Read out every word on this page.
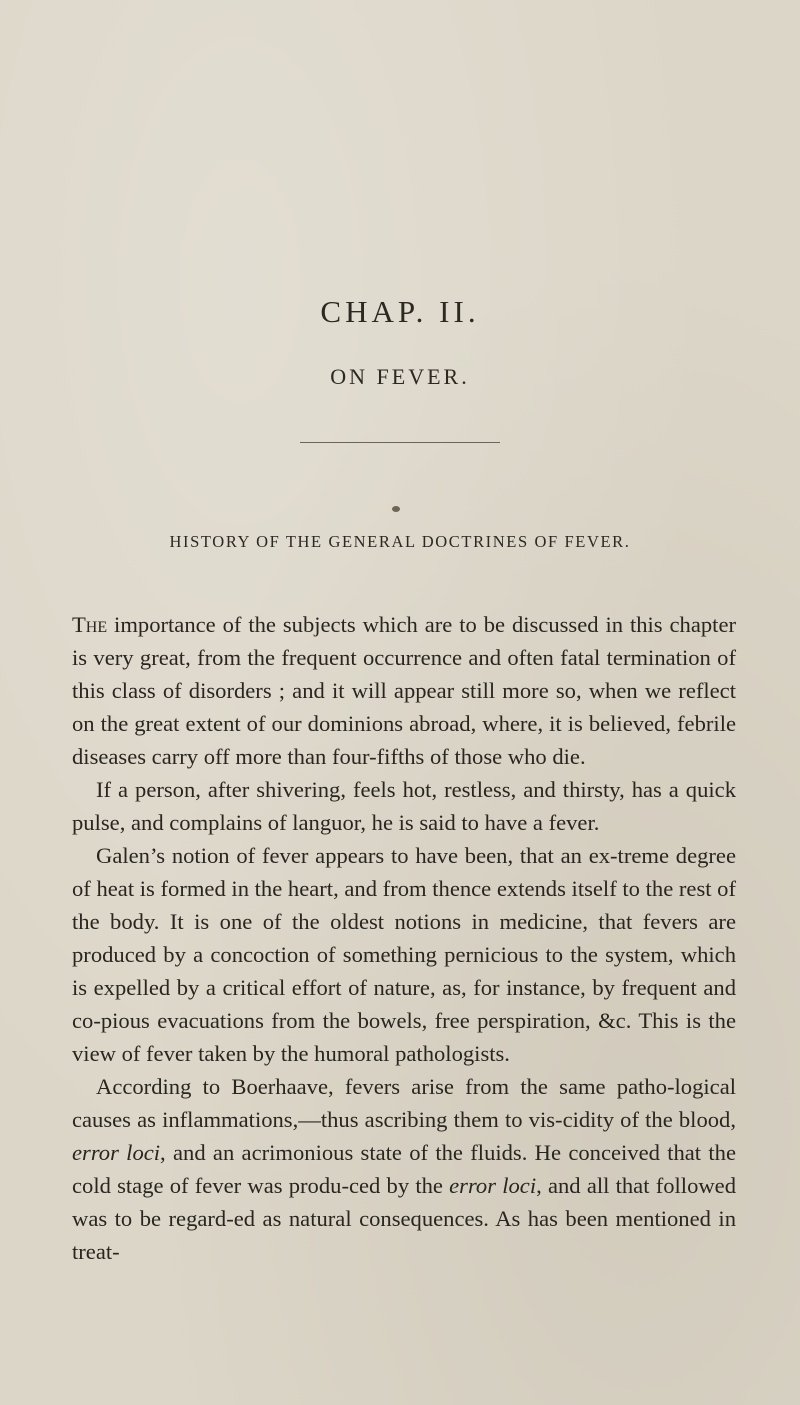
CHAP. II.
ON FEVER.
HISTORY OF THE GENERAL DOCTRINES OF FEVER.

The importance of the subjects which are to be discussed in this chapter is very great, from the frequent occurrence and often fatal termination of this class of disorders ; and it will appear still more so, when we reflect on the great extent of our dominions abroad, where, it is believed, febrile diseases carry off more than four-fifths of those who die.

If a person, after shivering, feels hot, restless, and thirsty, has a quick pulse, and complains of languor, he is said to have a fever.

Galen’s notion of fever appears to have been, that an ex-treme degree of heat is formed in the heart, and from thence extends itself to the rest of the body. It is one of the oldest notions in medicine, that fevers are produced by a concoction of something pernicious to the system, which is expelled by a critical effort of nature, as, for instance, by frequent and co-pious evacuations from the bowels, free perspiration, &c. This is the view of fever taken by the humoral pathologists.

According to Boerhaave, fevers arise from the same patho-logical causes as inflammations,—thus ascribing them to vis-cidity of the blood, error loci, and an acrimonious state of the fluids. He conceived that the cold stage of fever was produ-ced by the error loci, and all that followed was to be regard-ed as natural consequences. As has been mentioned in treat-
